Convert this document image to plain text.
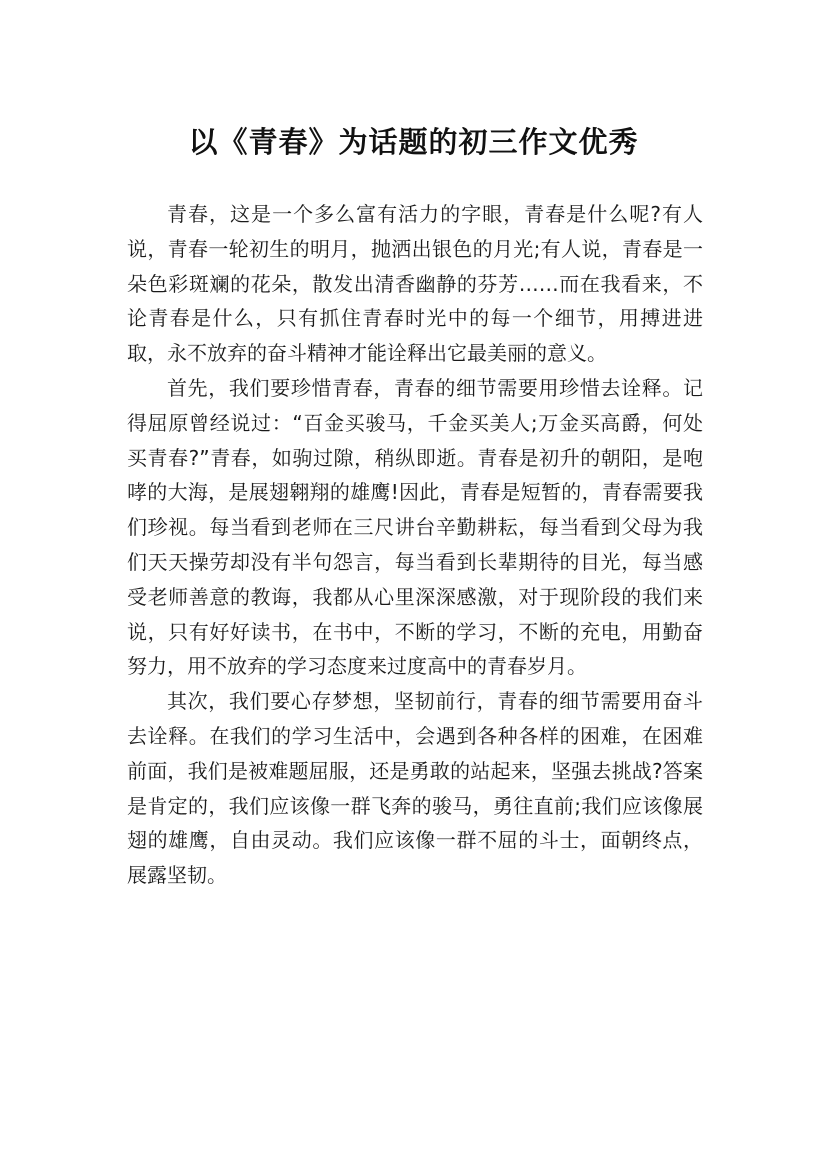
以《青春》为话题的初三作文优秀

青春，这是一个多么富有活力的字眼，青春是什么呢?有人说，青春一轮初生的明月，抛洒出银色的月光;有人说，青春是一朵色彩斑斓的花朵，散发出清香幽静的芬芳……而在我看来，不论青春是什么，只有抓住青春时光中的每一个细节，用搏进进取，永不放弃的奋斗精神才能诠释出它最美丽的意义。

首先，我们要珍惜青春，青春的细节需要用珍惜去诠释。记得屈原曾经说过：“百金买骏马，千金买美人;万金买高爵，何处买青春?”青春，如驹过隙，稍纵即逝。青春是初升的朝阳，是咆哮的大海，是展翅翱翔的雄鹰!因此，青春是短暂的，青春需要我们珍视。每当看到老师在三尺讲台辛勤耕耘，每当看到父母为我们天天操劳却没有半句怨言，每当看到长辈期待的目光，每当感受老师善意的教诲，我都从心里深深感激，对于现阶段的我们来说，只有好好读书，在书中，不断的学习，不断的充电，用勤奋努力，用不放弃的学习态度来过度高中的青春岁月。

其次，我们要心存梦想，坚韧前行，青春的细节需要用奋斗去诠释。在我们的学习生活中，会遇到各种各样的困难，在困难前面，我们是被难题屈服，还是勇敢的站起来，坚强去挑战?答案是肯定的，我们应该像一群飞奔的骏马，勇往直前;我们应该像展翅的雄鹰，自由灵动。我们应该像一群不屈的斗士，面朝终点，展露坚韧。
